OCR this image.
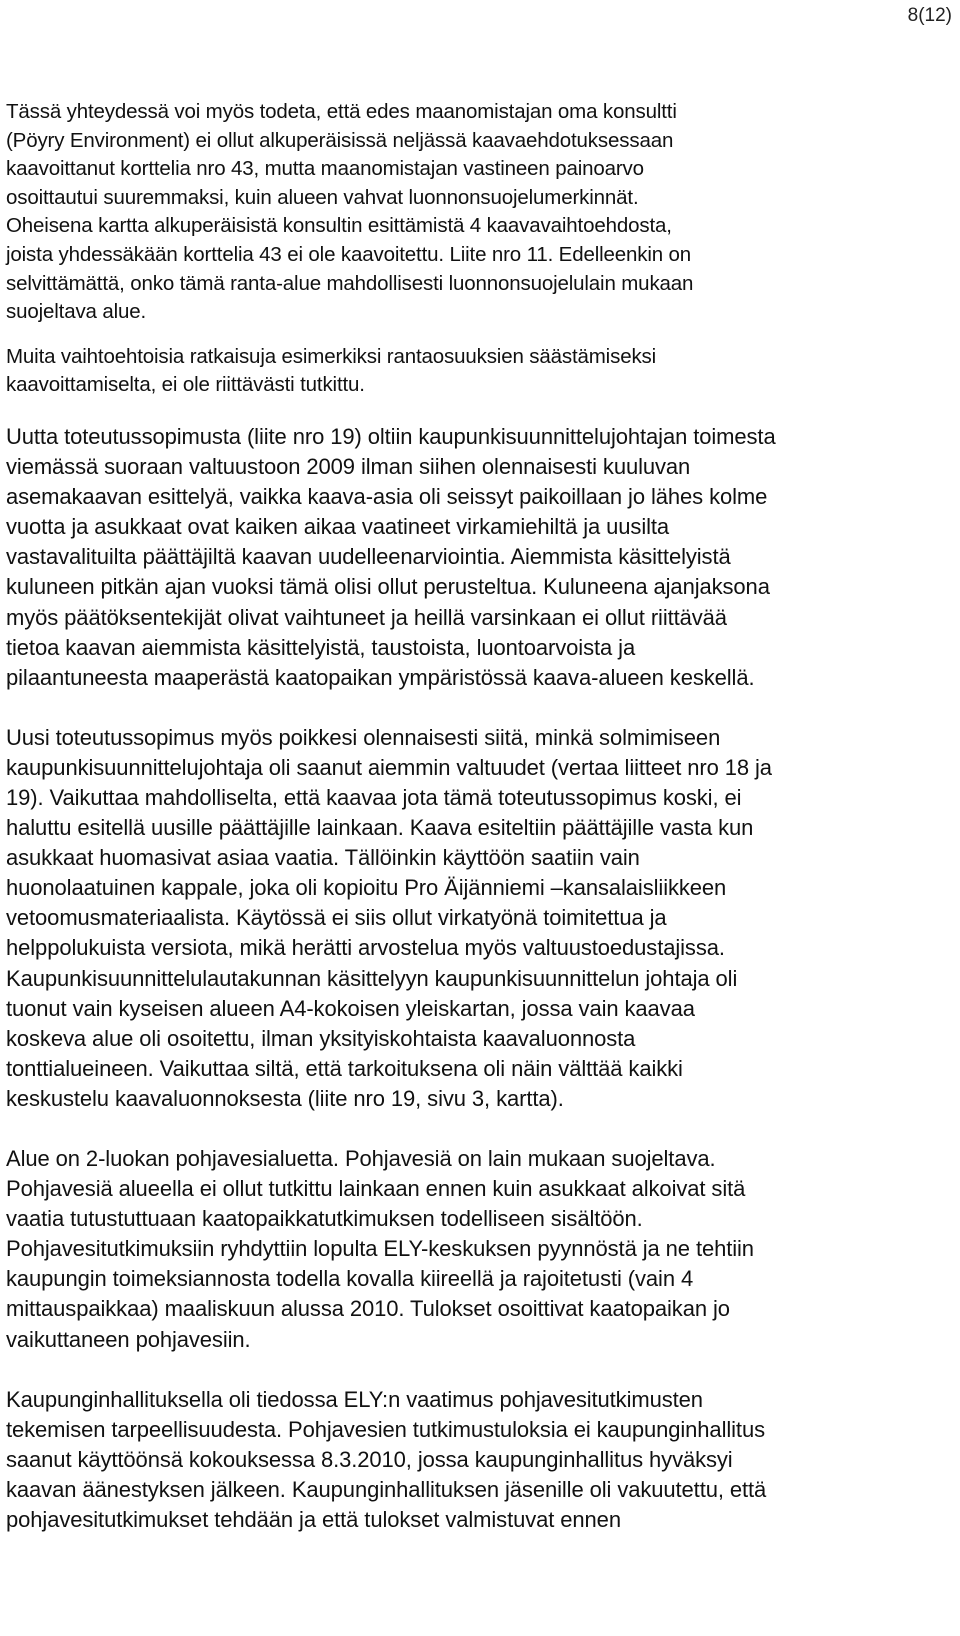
8(12)

Tässä yhteydessä voi myös todeta, että edes maanomistajan oma konsultti
(Pöyry Environment) ei ollut alkuperäisissä neljässä kaavaehdotuksessaan
kaavoittanut korttelia nro 43, mutta maanomistajan vastineen painoarvo
osoittautui suuremmaksi, kuin alueen vahvat luonnonsuojelumerkinnät.
Oheisena kartta alkuperäisistä konsultin esittämistä 4 kaavavaihtoehdosta,
joista yhdessäkään korttelia 43 ei ole kaavoitettu. Liite nro 11. Edelleenkin on
selvittämättä, onko tämä ranta-alue mahdollisesti luonnonsuojelulain mukaan
suojeltava alue.

Muita vaihtoehtoisia ratkaisuja esimerkiksi rantaosuuksien säästämiseksi
kaavoittamiselta, ei ole riittävästi tutkittu.

Uutta toteutussopimusta (liite nro 19) oltiin kaupunkisuunnittelujohtajan toimesta
viemässä suoraan valtuustoon 2009 ilman siihen olennaisesti kuuluvan
asemakaavan esittelyä, vaikka kaava-asia oli seissyt paikoillaan jo lähes kolme
vuotta ja asukkaat ovat kaiken aikaa vaatineet virkamiehiltä ja uusilta
vastavalituilta päättäjiltä kaavan uudelleenarviointia. Aiemmista käsittelyistä
kuluneen pitkän ajan vuoksi tämä olisi ollut perusteltua. Kuluneena ajanjaksona
myös päätöksentekijät olivat vaihtuneet ja heillä varsinkaan ei ollut riittävää
tietoa kaavan aiemmista käsittelyistä, taustoista, luontoarvoista ja
pilaantuneesta maaperästä kaatopaikan ympäristössä kaava-alueen keskellä.

Uusi toteutussopimus myös poikkesi olennaisesti siitä, minkä solmimiseen
kaupunkisuunnittelujohtaja oli saanut aiemmin valtuudet (vertaa liitteet nro 18 ja
19). Vaikuttaa mahdolliselta, että kaavaa jota tämä toteutussopimus koski, ei
haluttu esitellä uusille päättäjille lainkaan. Kaava esiteltiin päättäjille vasta kun
asukkaat huomasivat asiaa vaatia. Tällöinkin käyttöön saatiin vain
huonolaatuinen kappale, joka oli kopioitu Pro Äijänniemi –kansalaisliikkeen
vetoomusmateriaalista. Käytössä ei siis ollut virkatyönä toimitettua ja
helppolukuista versiota, mikä herätti arvostelua myös valtuustoedustajissa.
Kaupunkisuunnittelulautakunnan käsittelyyn kaupunkisuunnittelun johtaja oli
tuonut vain kyseisen alueen A4-kokoisen yleiskartan, jossa vain kaavaa
koskeva alue oli osoitettu, ilman yksityiskohtaista kaavaluonnosta
tonttialueineen. Vaikuttaa siltä, että tarkoituksena oli näin välttää kaikki
keskustelu kaavaluonnoksesta (liite nro 19, sivu 3, kartta).

Alue on 2-luokan pohjavesialuetta. Pohjavesiä on lain mukaan suojeltava.
Pohjavesiä alueella ei ollut tutkittu lainkaan ennen kuin asukkaat alkoivat sitä
vaatia tutustuttuaan kaatopaikkatutkimuksen todelliseen sisältöön.
Pohjavesitutkimuksiin ryhdyttiin lopulta ELY-keskuksen pyynnöstä ja ne tehtiin
kaupungin toimeksiannosta todella kovalla kiireellä ja rajoitetusti (vain 4
mittauspaikkaa) maaliskuun alussa 2010. Tulokset osoittivat kaatopaikan jo
vaikuttaneen pohjavesiin.

Kaupunginhallituksella oli tiedossa ELY:n vaatimus pohjavesitutkimusten
tekemisen tarpeellisuudesta. Pohjavesien tutkimustuloksia ei kaupunginhallitus
saanut käyttöönsä kokouksessa 8.3.2010, jossa kaupunginhallitus hyväksyi
kaavan äänestyksen jälkeen. Kaupunginhallituksen jäsenille oli vakuutettu, että
pohjavesitutkimukset tehdään ja että tulokset valmistuvat ennen
